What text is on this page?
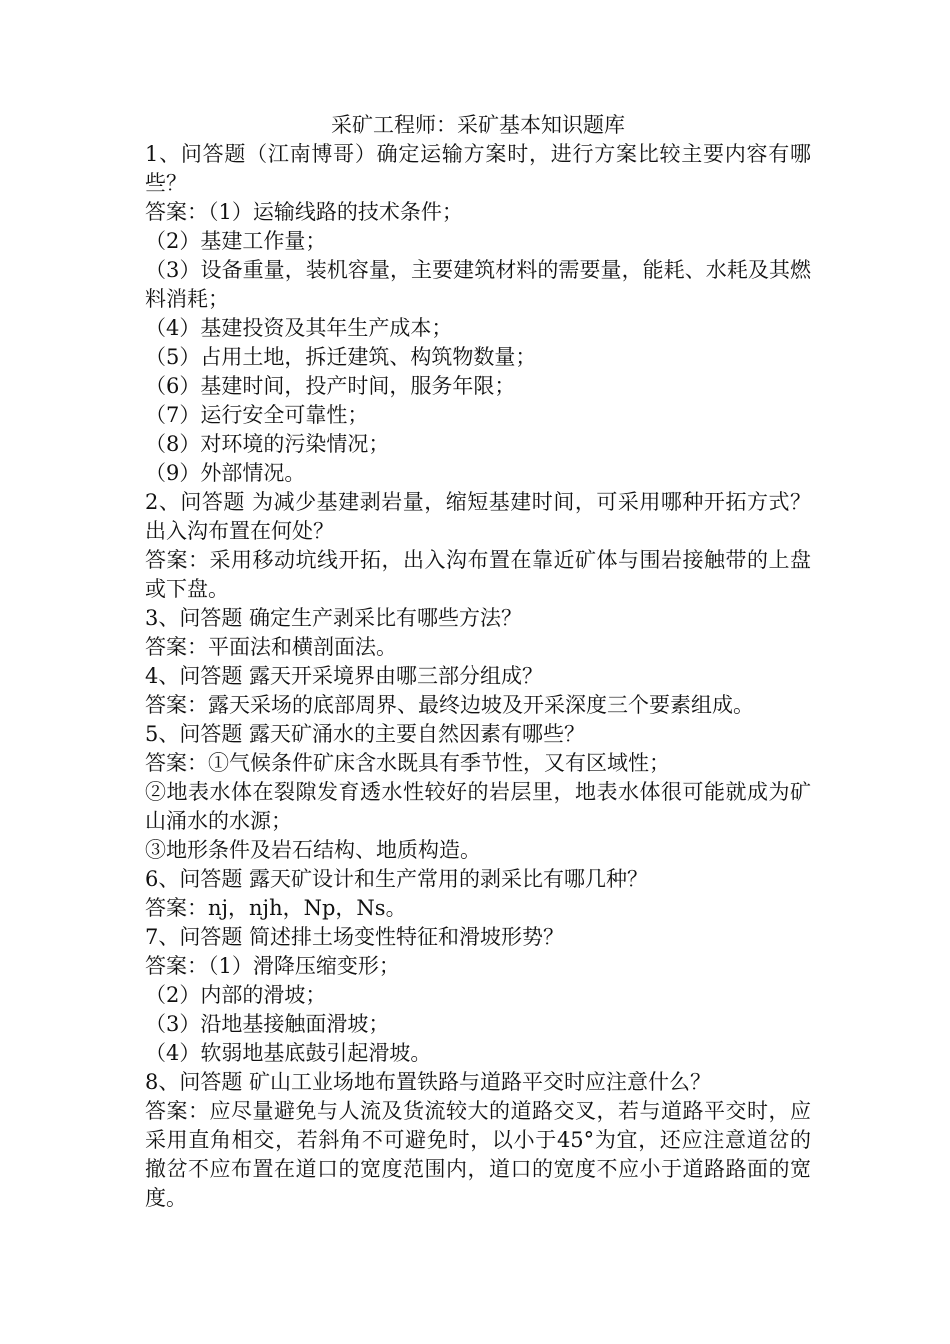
采矿工程师：采矿基本知识题库

1、问答题（江南博哥）确定运输方案时，进行方案比较主要内容有哪些？

答案：（1）运输线路的技术条件；

（2）基建工作量；

（3）设备重量，装机容量，主要建筑材料的需要量，能耗、水耗及其燃料消耗；

（4）基建投资及其年生产成本；

（5）占用土地，拆迁建筑、构筑物数量；

（6）基建时间，投产时间，服务年限；

（7）运行安全可靠性；

（8）对环境的污染情况；

（9）外部情况。

2、问答题 为减少基建剥岩量，缩短基建时间，可采用哪种开拓方式？出入沟布置在何处？

答案：采用移动坑线开拓，出入沟布置在靠近矿体与围岩接触带的上盘或下盘。

3、问答题 确定生产剥采比有哪些方法？

答案：平面法和横剖面法。

4、问答题 露天开采境界由哪三部分组成？

答案：露天采场的底部周界、最终边坡及开采深度三个要素组成。

5、问答题 露天矿涌水的主要自然因素有哪些？

答案：①气候条件矿床含水既具有季节性，又有区域性；

②地表水体在裂隙发育透水性较好的岩层里，地表水体很可能就成为矿山涌水的水源；

③地形条件及岩石结构、地质构造。

6、问答题 露天矿设计和生产常用的剥采比有哪几种？

答案：nj，njh，Np，Ns。

7、问答题 简述排土场变性特征和滑坡形势？

答案：（1）滑降压缩变形；

（2）内部的滑坡；

（3）沿地基接触面滑坡；

（4）软弱地基底鼓引起滑坡。

8、问答题 矿山工业场地布置铁路与道路平交时应注意什么？

答案：应尽量避免与人流及货流较大的道路交叉，若与道路平交时，应采用直角相交，若斜角不可避免时，以小于45°为宜，还应注意道岔的撤岔不应布置在道口的宽度范围内，道口的宽度不应小于道路路面的宽度。
